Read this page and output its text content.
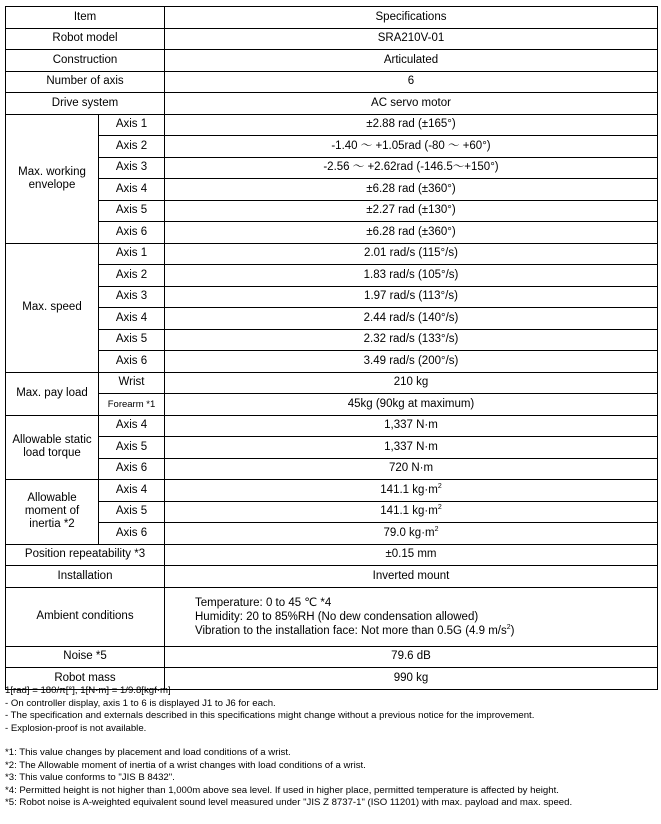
Item		Specifications
Robot model		SRA210V-01
Construction		Articulated
Number of axis		6
Drive system		AC servo motor
Max. working envelope	Axis 1	±2.88 rad (±165°)
	Axis 2	-1.40 ～ +1.05rad (-80 ～ +60°)
	Axis 3	-2.56 ～ +2.62rad (-146.5～+150°)
	Axis 4	±6.28 rad (±360°)
	Axis 5	±2.27 rad (±130°)
	Axis 6	±6.28 rad (±360°)
Max. speed	Axis 1	2.01 rad/s (115°/s)
	Axis 2	1.83 rad/s (105°/s)
	Axis 3	1.97 rad/s (113°/s)
	Axis 4	2.44 rad/s (140°/s)
	Axis 5	2.32 rad/s (133°/s)
	Axis 6	3.49 rad/s (200°/s)
Max. pay load	Wrist	210 kg
	Forearm *1	45kg (90kg at maximum)
Allowable static load torque	Axis 4	1,337 N·m
	Axis 5	1,337 N·m
	Axis 6	720 N·m
Allowable moment of inertia *2	Axis 4	141.1 $kg\cdot m^2$
	Axis 5	141.1 $kg\cdot m^2$
	Axis 6	79.0 $kg\cdot m^2$
Position repeatability *3		±0.15 mm
Installation		Inverted mount
Ambient conditions		Temperature: 0 to 45 ℃ *4
Humidity: 20 to 85%RH (No dew condensation allowed)
Vibration to the installation face: Not more than 0.5G (4.9 $m/s^2$)

Noise *5		79.6 dB
Robot mass		990 kg
1[rad] = 180/π[°], 1[N·m] = 1/9.8[kgf·m]
- On controller display, axis 1 to 6 is displayed J1 to J6 for each.
- The specification and externals described in this specifications might change without a previous notice for the improvement.
- Explosion-proof is not available.
*1: This value changes by placement and load conditions of a wrist.
*2: The Allowable moment of inertia of a wrist changes with load conditions of a wrist.
*3: This value conforms to "JIS B 8432".
*4: Permitted height is not higher than 1,000m above sea level. If used in higher place, permitted temperature is affected by height.
*5: Robot noise is A-weighted equivalent sound level measured under "JIS Z 8737-1" (ISO 11201) with max. payload and max. speed.
